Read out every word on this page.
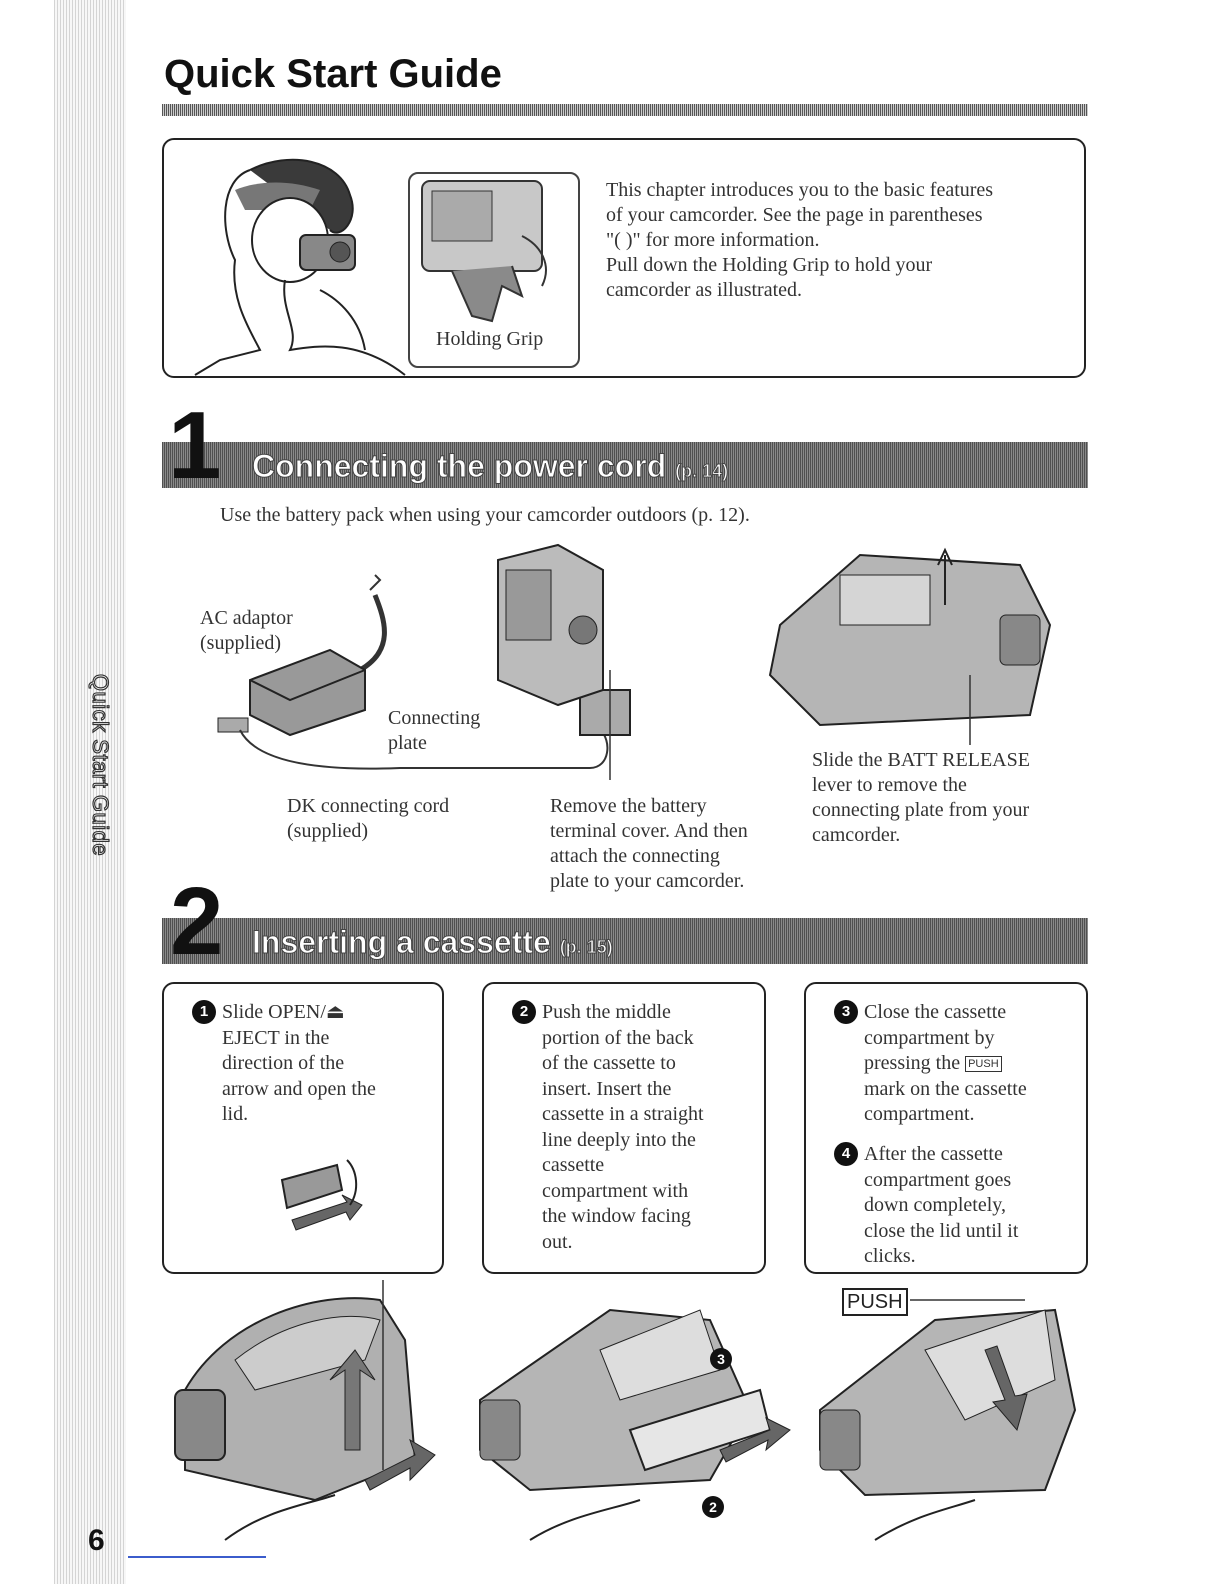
Quick Start Guide
6
Quick Start Guide
Holding Grip

This chapter introduces you to the basic features

of your camcorder. See the page in parentheses

"( )" for more information.

Pull down the Holding Grip to hold your

camcorder as illustrated.

1 Connecting the power cord (p. 14)
Use the battery pack when using your camcorder outdoors (p. 12).

AC adaptor

(supplied)

Connecting

plate

DK connecting cord

(supplied)

Remove the battery

terminal cover. And then

attach the connecting

plate to your camcorder.

Slide the BATT RELEASE

lever to remove the

connecting plate from your

camcorder.

2 Inserting a cassette (p. 15)
1 Slide OPEN/⏏

EJECT in the

direction of the

arrow and open the

lid.

2 Push the middle

portion of the back

of the cassette to

insert. Insert the

cassette in a straight

line deeply into the

cassette

compartment with

the window facing

out.

3 Close the cassette

compartment by

pressing the PUSH

mark on the cassette

compartment.

4 After the cassette

compartment goes

down completely,

close the lid until it

clicks.

3
2
PUSH
